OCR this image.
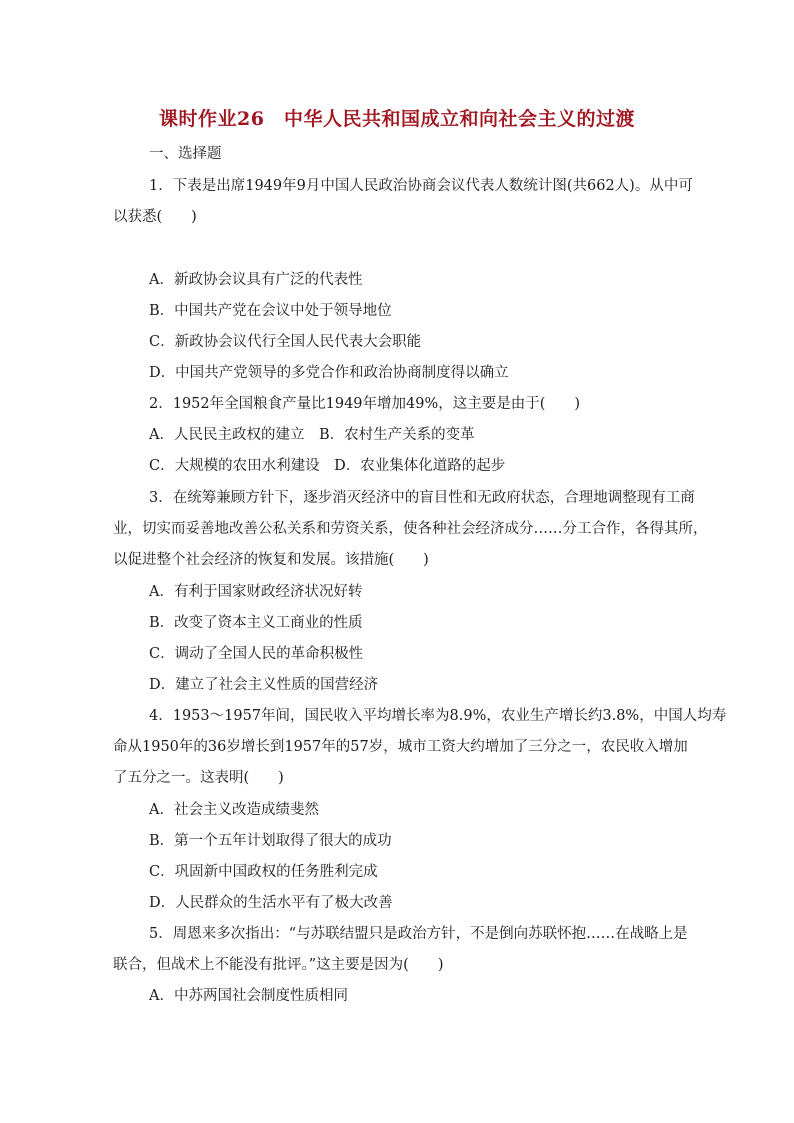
课时作业26　中华人民共和国成立和向社会主义的过渡
一、选择题
1．下表是出席1949年9月中国人民政治协商会议代表人数统计图(共662人)。从中可
以获悉(　　)
A．新政协会议具有广泛的代表性
B．中国共产党在会议中处于领导地位
C．新政协会议代行全国人民代表大会职能
D．中国共产党领导的多党合作和政治协商制度得以确立
2．1952年全国粮食产量比1949年增加49%，这主要是由于(　　)
A．人民民主政权的建立　B．农村生产关系的变革
C．大规模的农田水利建设　D．农业集体化道路的起步
3．在统筹兼顾方针下，逐步消灭经济中的盲目性和无政府状态，合理地调整现有工商
业，切实而妥善地改善公私关系和劳资关系，使各种社会经济成分……分工合作，各得其所，
以促进整个社会经济的恢复和发展。该措施(　　)
A．有利于国家财政经济状况好转
B．改变了资本主义工商业的性质
C．调动了全国人民的革命积极性
D．建立了社会主义性质的国营经济
4．1953～1957年间，国民收入平均增长率为8.9%，农业生产增长约3.8%，中国人均寿
命从1950年的36岁增长到1957年的57岁，城市工资大约增加了三分之一，农民收入增加
了五分之一。这表明(　　)
A．社会主义改造成绩斐然
B．第一个五年计划取得了很大的成功
C．巩固新中国政权的任务胜利完成
D．人民群众的生活水平有了极大改善
5．周恩来多次指出：“与苏联结盟只是政治方针，不是倒向苏联怀抱……在战略上是
联合，但战术上不能没有批评。”这主要是因为(　　)
A．中苏两国社会制度性质相同
